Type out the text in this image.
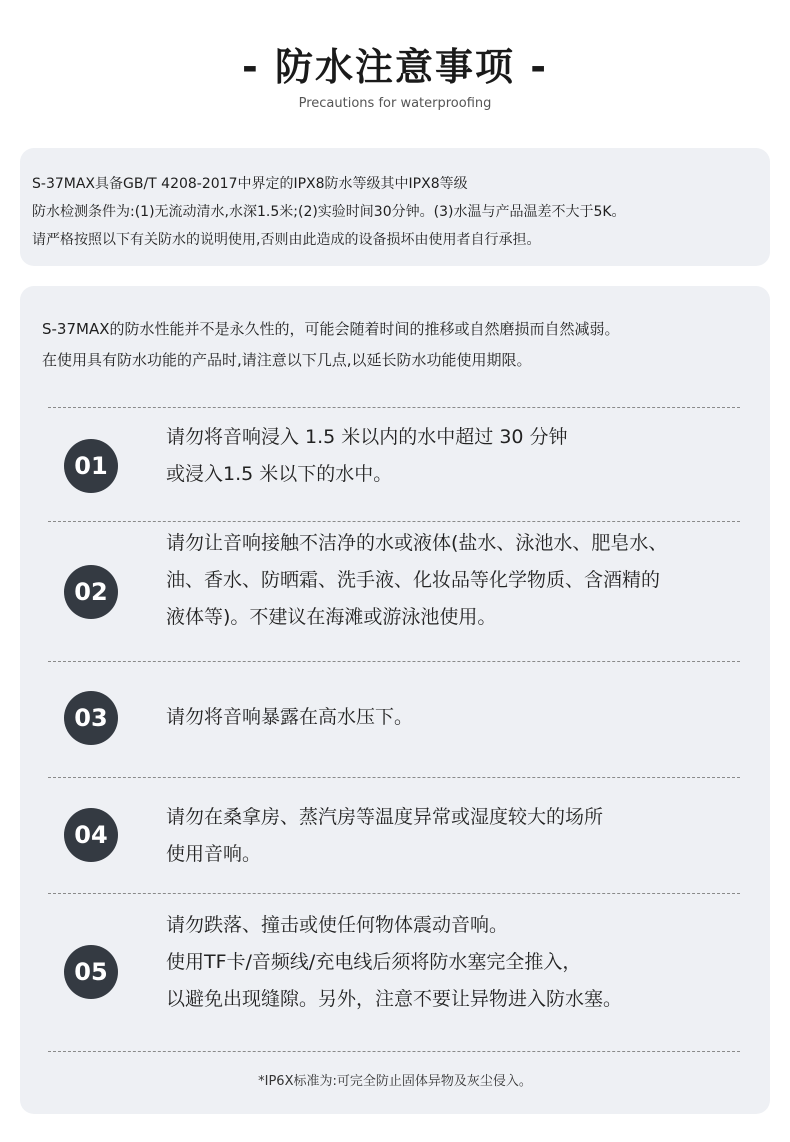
- 防水注意事项 -
Precautions for waterproofing

S-37MAX具备GB/T 4208-2017中界定的IPX8防水等级其中IPX8等级

防水检测条件为:(1)无流动清水,水深1.5米;(2)实验时间30分钟。(3)水温与产品温差不大于5K。

请严格按照以下有关防水的说明使用,否则由此造成的设备损坏由使用者自行承担。

S-37MAX的防水性能并不是永久性的，可能会随着时间的推移或自然磨损而自然减弱。

在使用具有防水功能的产品时,请注意以下几点,以延长防水功能使用期限。

01

请勿将音响浸入 1.5 米以内的水中超过 30 分钟

或浸入1.5 米以下的水中。

02

请勿让音响接触不洁净的水或液体(盐水、泳池水、肥皂水、

油、香水、防晒霜、洗手液、化妆品等化学物质、含酒精的

液体等)。不建议在海滩或游泳池使用。

03	请勿将音响暴露在高水压下。

04

请勿在桑拿房、蒸汽房等温度异常或湿度较大的场所

使用音响。

05

请勿跌落、撞击或使任何物体震动音响。

使用TF卡/音频线/充电线后须将防水塞完全推入，

以避免出现缝隙。另外，注意不要让异物进入防水塞。

*IP6X标准为:可完全防止固体异物及灰尘侵入。
